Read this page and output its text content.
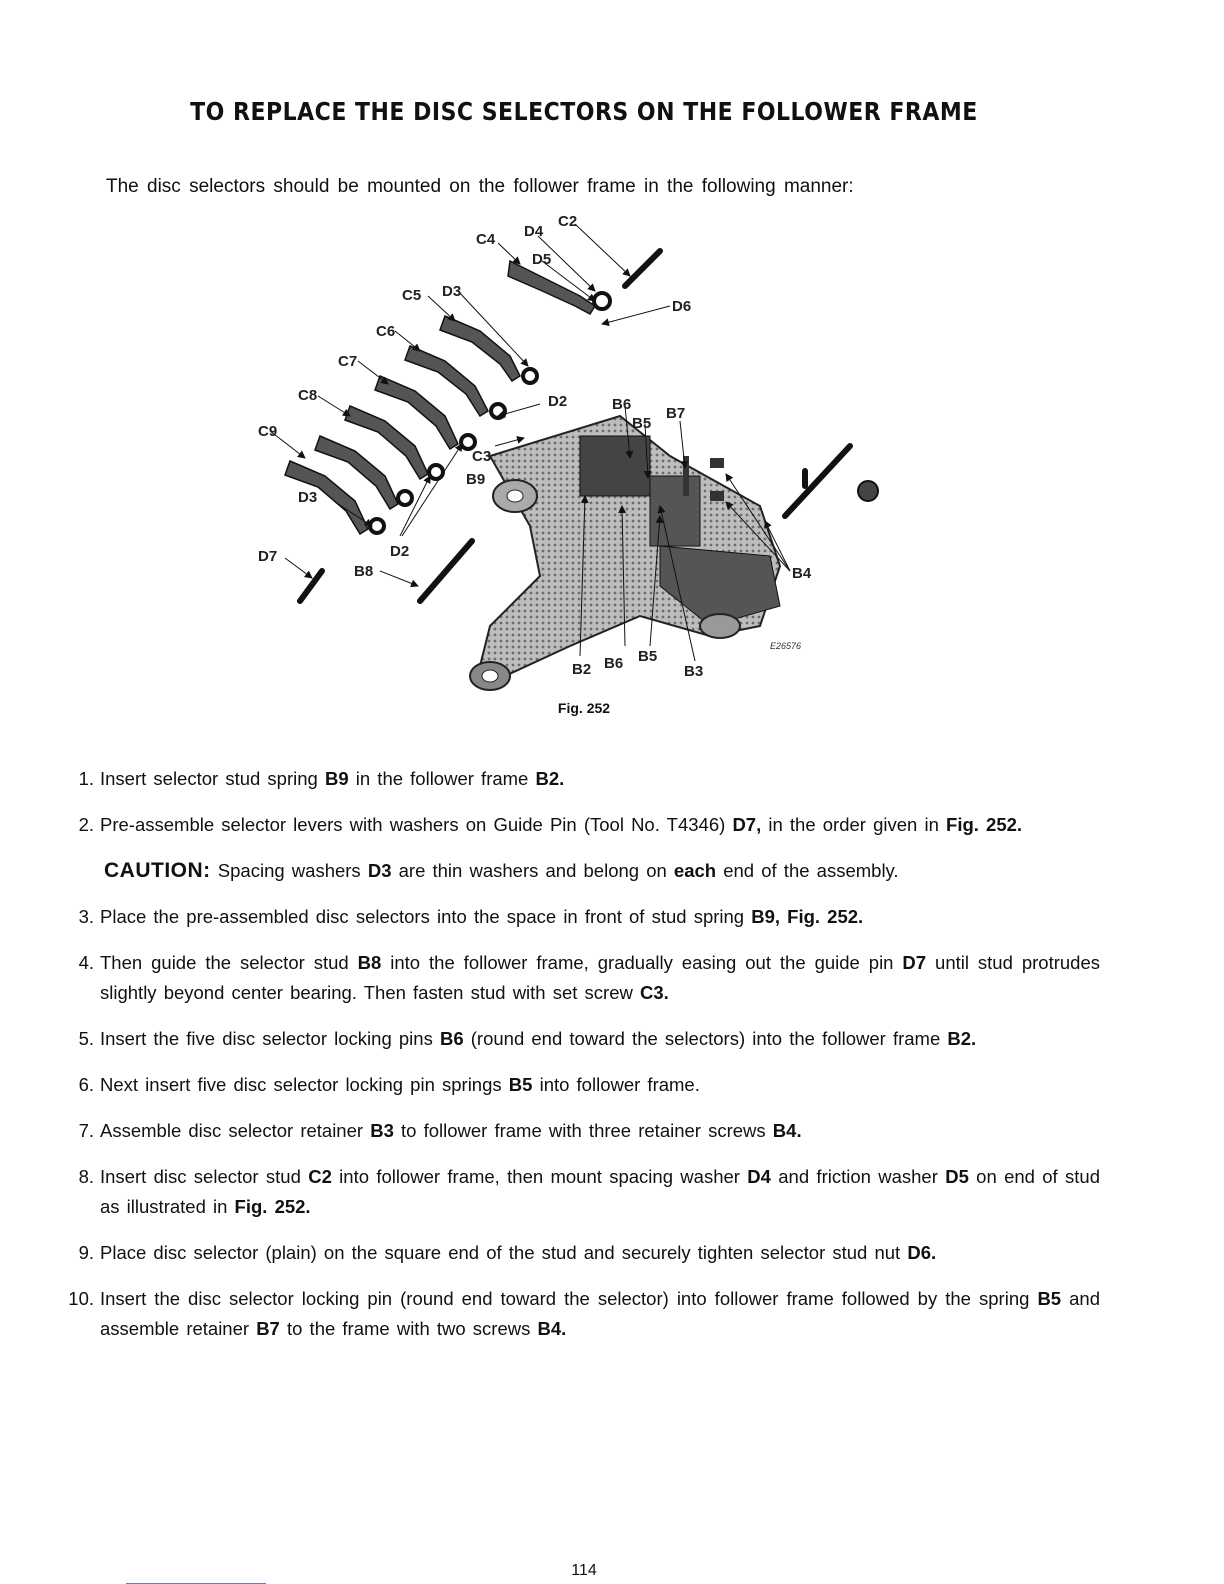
TO REPLACE THE DISC SELECTORS ON THE FOLLOWER FRAME
The disc selectors should be mounted on the follower frame in the following manner:
C4 D4
C2
D5
C5 D3
D6
C6
C7
C8	D2	B6
B5
B7
C9
C3
B9
D3
D2
D7
B8	B4
B2 B6 B5
B3
E26576
Fig. 252
1. Insert selector stud spring B9 in the follower frame B2.
2. Pre-assemble selector levers with washers on Guide Pin (Tool No. T4346) D7, in the order given in Fig. 252.
CAUTION: Spacing washers D3 are thin washers and belong on each end of the assembly.
3. Place the pre-assembled disc selectors into the space in front of stud spring B9, Fig. 252.
4. Then guide the selector stud B8 into the follower frame, gradually easing out the guide pin D7 until stud protrudes slightly beyond center bearing. Then fasten stud with set screw C3.
5. Insert the five disc selector locking pins B6 (round end toward the selectors) into the follower frame B2.
6. Next insert five disc selector locking pin springs B5 into follower frame.
7. Assemble disc selector retainer B3 to follower frame with three retainer screws B4.
8. Insert disc selector stud C2 into follower frame, then mount spacing washer D4 and friction washer D5 on end of stud as illustrated in Fig. 252.
9. Place disc selector (plain) on the square end of the stud and securely tighten selector stud nut D6.
10. Insert the disc selector locking pin (round end toward the selector) into follower frame followed by the spring B5 and assemble retainer B7 to the frame with two screws B4.
114
